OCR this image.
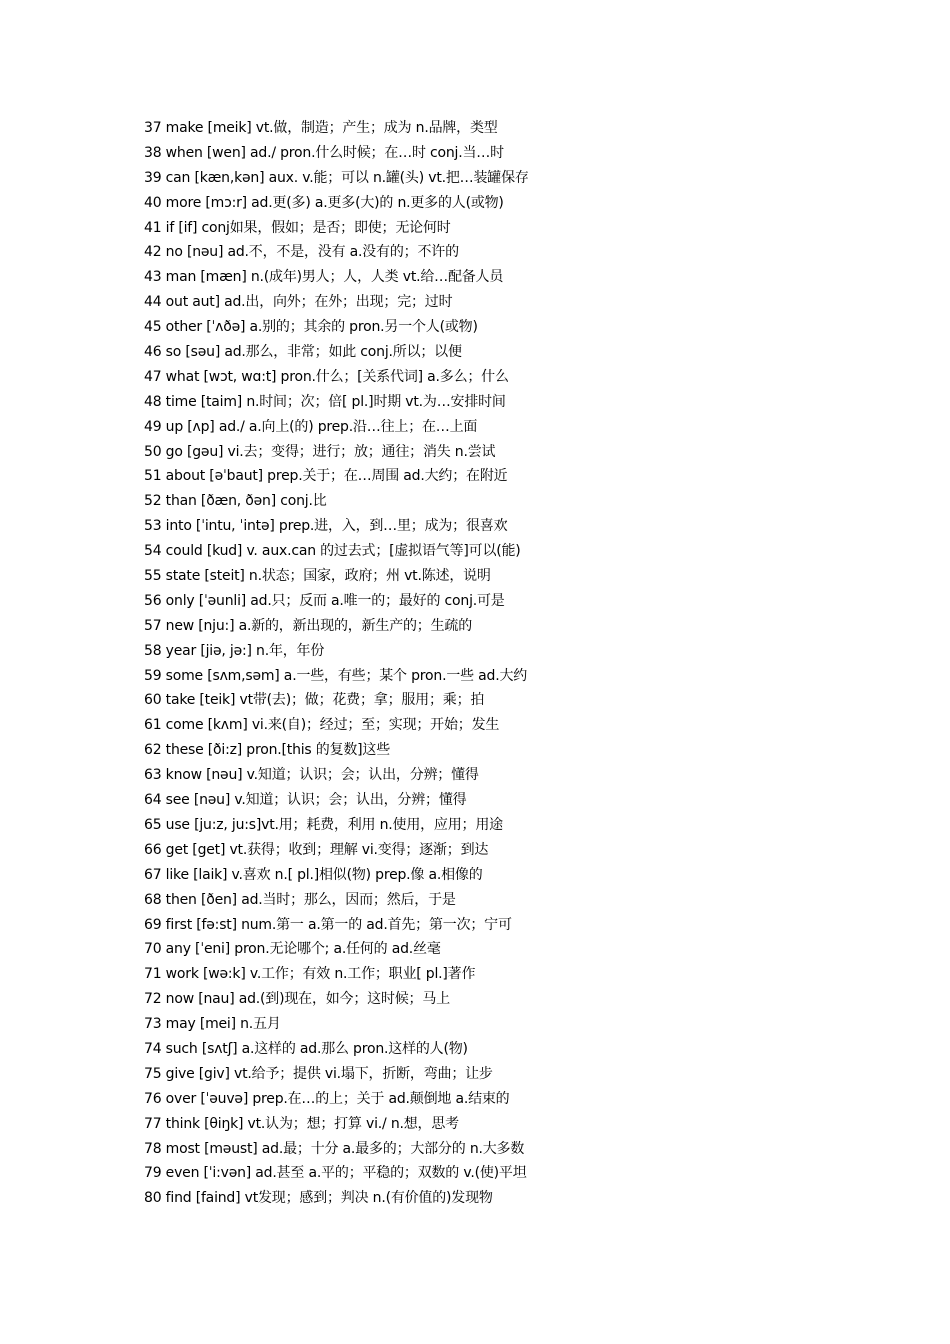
37 make [meik] vt.做，制造；产生；成为 n.品牌，类型
38 when [wen] ad./ pron.什么时候；在…时 conj.当…时
39 can [kæn,kən] aux. v.能；可以 n.罐(头) vt.把…装罐保存
40 more [mɔ:r] ad.更(多) a.更多(大)的 n.更多的人(或物)
41 if [if] conj如果，假如；是否；即使；无论何时
42 no [nəu] ad.不，不是，没有 a.没有的；不许的
43 man [mæn] n.(成年)男人；人，人类 vt.给…配备人员
44 out aut] ad.出，向外；在外；出现；完；过时
45 other [ˈʌðə] a.别的；其余的 pron.另一个人(或物)
46 so [səu] ad.那么，非常；如此 conj.所以；以便
47 what [wɔt, wɑ:t] pron.什么；[关系代词] a.多么；什么
48 time [taim] n.时间；次；倍[ pl.]时期 vt.为…安排时间
49 up [ʌp] ad./ a.向上(的) prep.沿…往上；在…上面
50 go [gəu] vi.去；变得；进行；放；通往；消失 n.尝试
51 about [əˈbaut] prep.关于；在…周围 ad.大约；在附近
52 than [ðæn, ðən] conj.比
53 into [ˈintu, ˈintə] prep.进，入，到…里；成为；很喜欢
54 could [kud] v. aux.can 的过去式；[虚拟语气等]可以(能)
55 state [steit] n.状态；国家，政府；州 vt.陈述，说明
56 only [ˈəunli] ad.只；反而 a.唯一的；最好的 conj.可是
57 new [nju:] a.新的，新出现的，新生产的；生疏的
58 year [jiə, jə:] n.年，年份
59 some [sʌm,səm] a.一些，有些；某个 pron.一些 ad.大约
60 take [teik] vt带(去)；做；花费；拿；服用；乘；拍
61 come [kʌm] vi.来(自)；经过；至；实现；开始；发生
62 these [ði:z] pron.[this 的复数]这些
63 know [nəu] v.知道；认识；会；认出，分辨；懂得
64 see [nəu] v.知道；认识；会；认出，分辨；懂得
65 use [ju:z, ju:s]vt.用；耗费，利用 n.使用，应用；用途
66 get [get] vt.获得；收到；理解 vi.变得；逐渐；到达
67 like [laik] v.喜欢 n.[ pl.]相似(物) prep.像 a.相像的
68 then [ðen] ad.当时；那么，因而；然后，于是
69 first [fə:st] num.第一 a.第一的 ad.首先；第一次；宁可
70 any [ˈeni] pron.无论哪个; a.任何的 ad.丝毫
71 work [wə:k] v.工作；有效 n.工作；职业[ pl.]著作
72 now [nau] ad.(到)现在，如今；这时候；马上
73 may [mei] n.五月
74 such [sʌtʃ] a.这样的 ad.那么 pron.这样的人(物)
75 give [giv] vt.给予；提供 vi.塌下，折断，弯曲；让步
76 over [ˈəuvə] prep.在…的上；关于 ad.颠倒地 a.结束的
77 think [θiŋk] vt.认为；想；打算 vi./ n.想，思考
78 most [məust] ad.最；十分 a.最多的；大部分的 n.大多数
79 even [ˈi:vən] ad.甚至 a.平的；平稳的；双数的 v.(使)平坦
80 find [faind] vt发现；感到；判决 n.(有价值的)发现物
